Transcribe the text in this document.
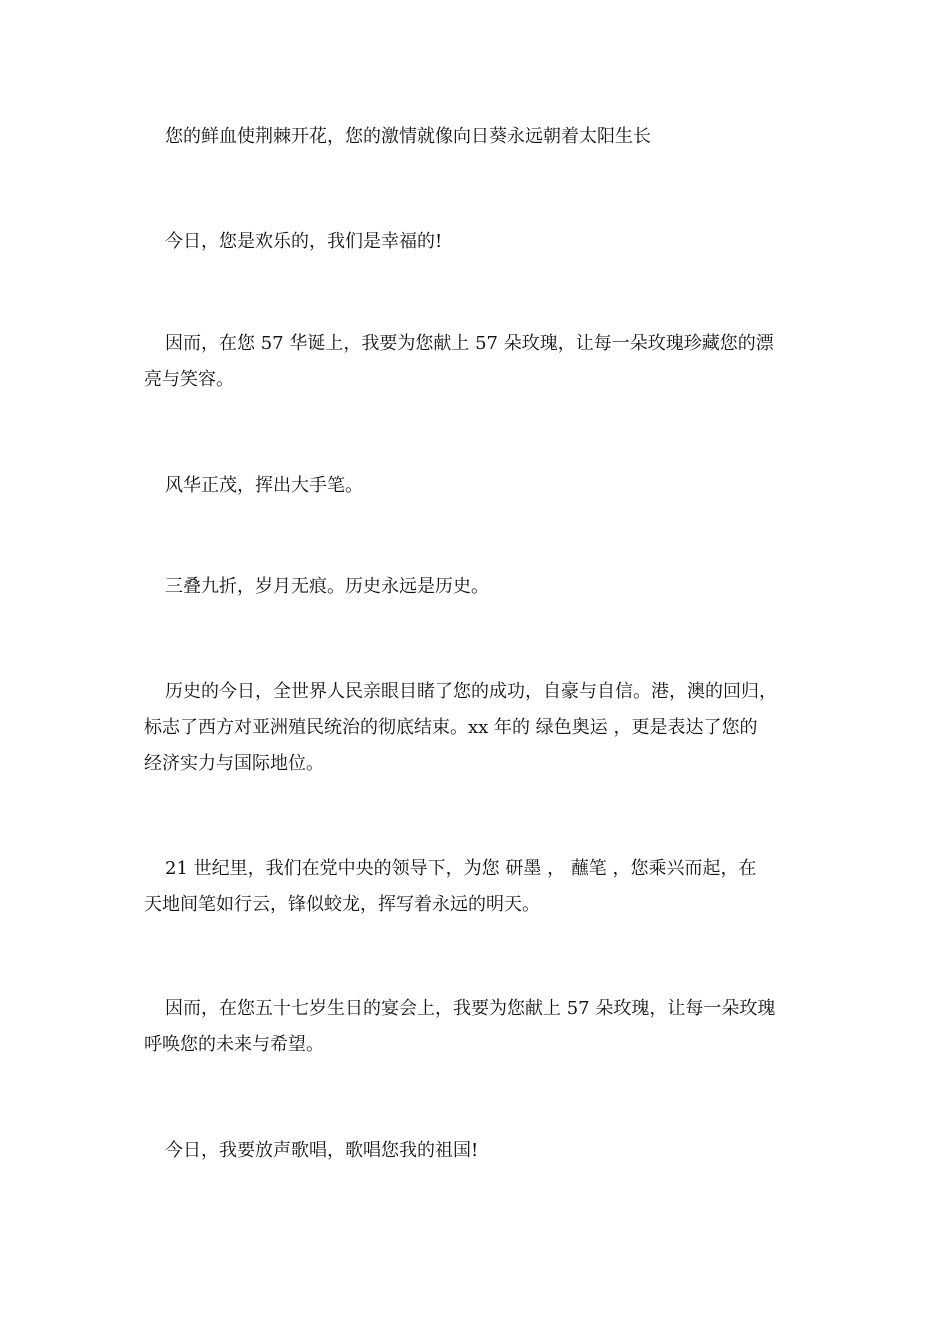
您的鲜血使荆棘开花，您的激情就像向日葵永远朝着太阳生长

今日，您是欢乐的，我们是幸福的!

因而，在您 57 华诞上，我要为您献上 57 朵玫瑰，让每一朵玫瑰珍藏您的漂
亮与笑容。

风华正茂，挥出大手笔。

三叠九折，岁月无痕。历史永远是历史。

历史的今日，全世界人民亲眼目睹了您的成功，自豪与自信。港，澳的回归，
标志了西方对亚洲殖民统治的彻底结束。xx 年的 绿色奥运 ，更是表达了您的
经济实力与国际地位。

21 世纪里，我们在党中央的领导下，为您 研墨 ， 蘸笔 ，您乘兴而起，在
天地间笔如行云，锋似蛟龙，挥写着永远的明天。

因而，在您五十七岁生日的宴会上，我要为您献上 57 朵玫瑰，让每一朵玫瑰
呼唤您的未来与希望。

今日，我要放声歌唱，歌唱您我的祖国!
